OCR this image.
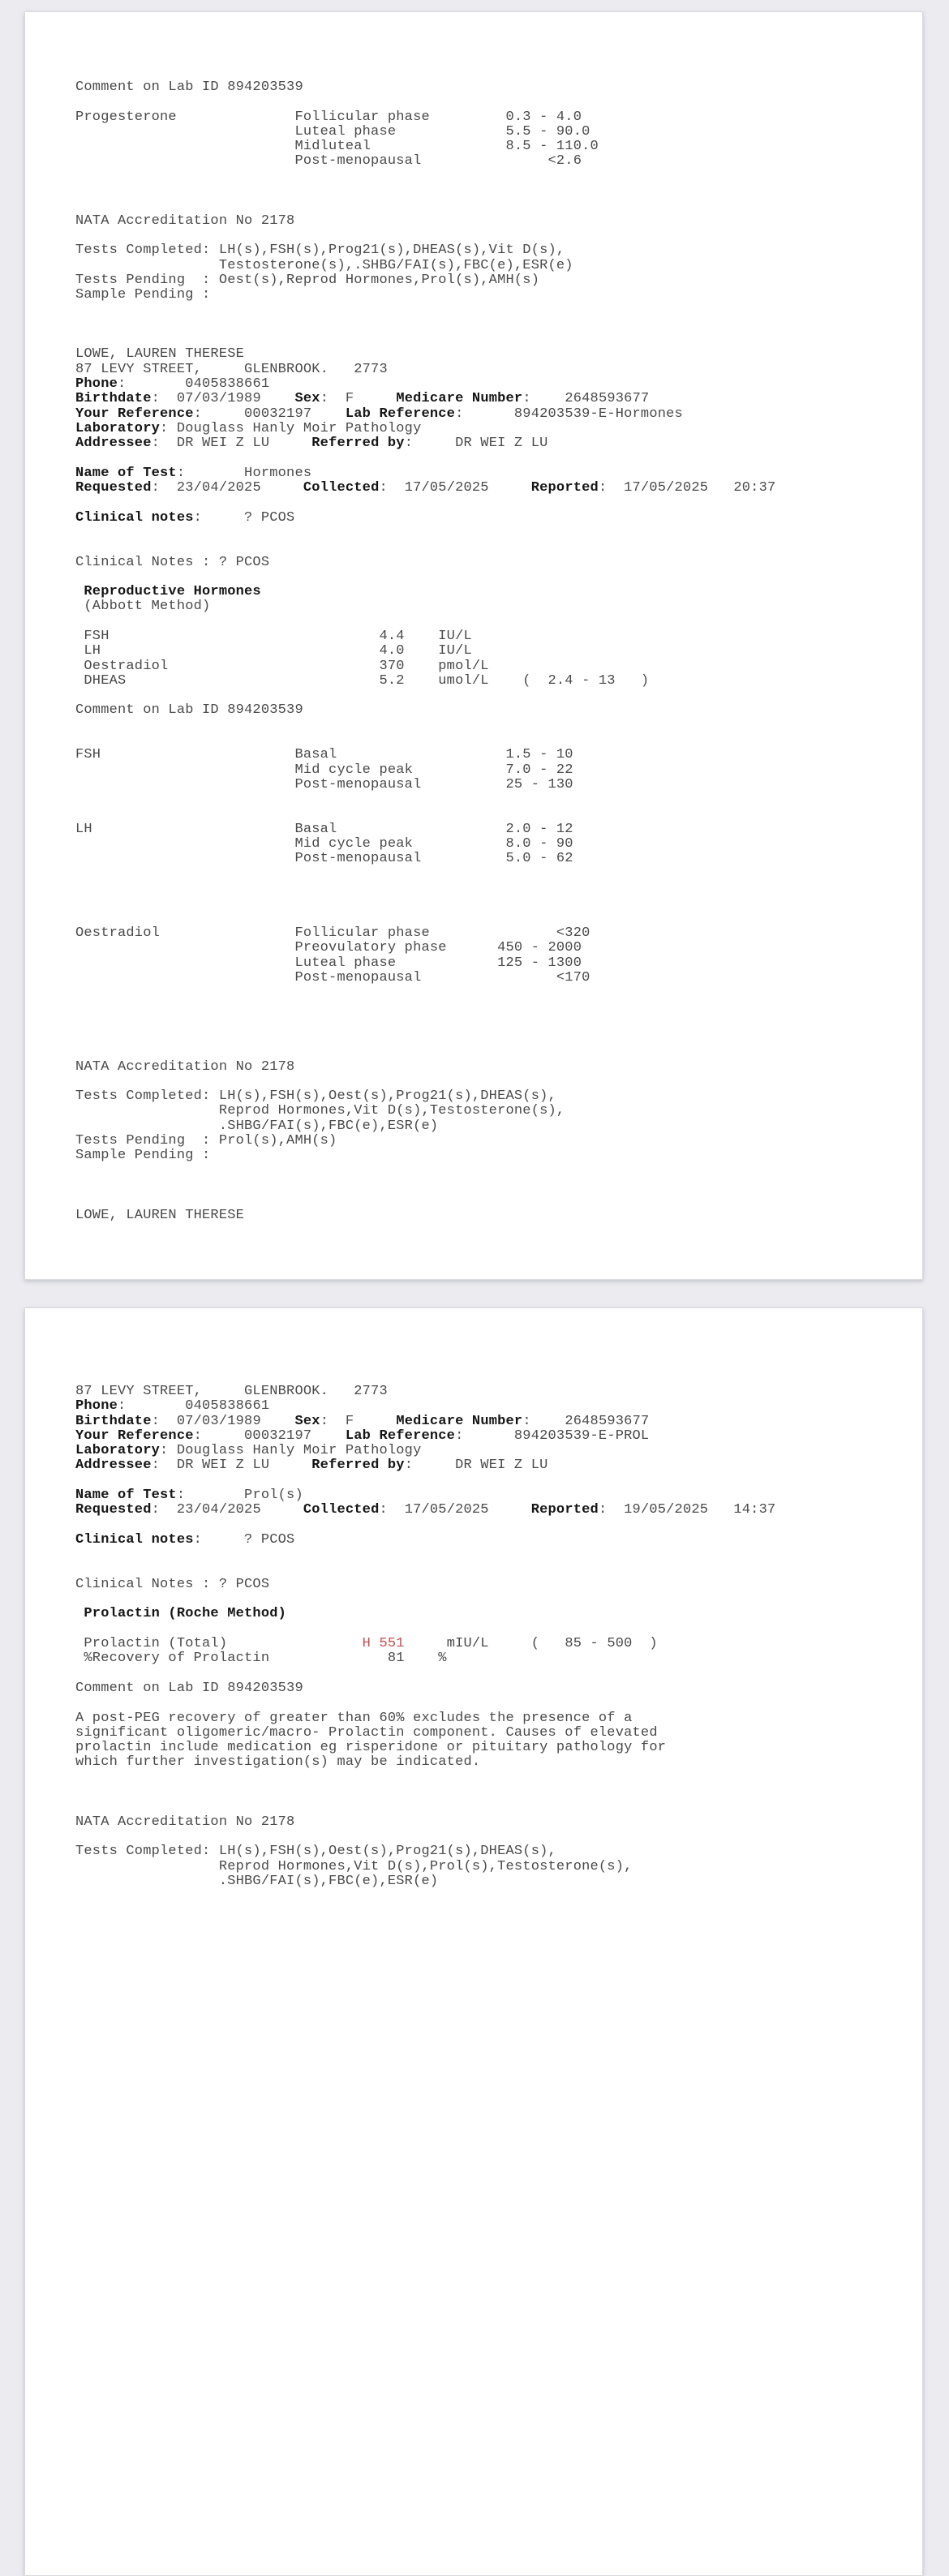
Comment on Lab ID 894203539
Progesterone              Follicular phase         0.3 - 4.0
Luteal phase             5.5 - 90.0
Midluteal                8.5 - 110.0
Post-menopausal               <2.6
NATA Accreditation No 2178
Tests Completed: LH(s),FSH(s),Prog21(s),DHEAS(s),Vit D(s),
Testosterone(s),.SHBG/FAI(s),FBC(e),ESR(e)
Tests Pending  : Oest(s),Reprod Hormones,Prol(s),AMH(s)
Sample Pending :
LOWE, LAUREN THERESE
87 LEVY STREET,     GLENBROOK.   2773
Phone:       0405838661
Birthdate:  07/03/1989    Sex:  F     Medicare Number:    2648593677
Your Reference:     00032197    Lab Reference:      894203539-E-Hormones
Laboratory: Douglass Hanly Moir Pathology
Addressee:  DR WEI Z LU     Referred by:     DR WEI Z LU
Name of Test:       Hormones
Requested:  23/04/2025     Collected:  17/05/2025     Reported:  17/05/2025   20:37
Clinical notes:     ? PCOS
Clinical Notes : ? PCOS
Reproductive Hormones
(Abbott Method)
FSH                                4.4    IU/L
LH                                 4.0    IU/L
Oestradiol                         370    pmol/L
DHEAS                              5.2    umol/L    (  2.4 - 13   )
Comment on Lab ID 894203539
FSH                       Basal                    1.5 - 10
Mid cycle peak           7.0 - 22
Post-menopausal          25 - 130
LH                        Basal                    2.0 - 12
Mid cycle peak           8.0 - 90
Post-menopausal          5.0 - 62
Oestradiol                Follicular phase               <320
Preovulatory phase      450 - 2000
Luteal phase            125 - 1300
Post-menopausal                <170
NATA Accreditation No 2178
Tests Completed: LH(s),FSH(s),Oest(s),Prog21(s),DHEAS(s),
Reprod Hormones,Vit D(s),Testosterone(s),
.SHBG/FAI(s),FBC(e),ESR(e)
Tests Pending  : Prol(s),AMH(s)
Sample Pending :
LOWE, LAUREN THERESE
87 LEVY STREET,     GLENBROOK.   2773
Phone:       0405838661
Birthdate:  07/03/1989    Sex:  F     Medicare Number:    2648593677
Your Reference:     00032197    Lab Reference:      894203539-E-PROL
Laboratory: Douglass Hanly Moir Pathology
Addressee:  DR WEI Z LU     Referred by:     DR WEI Z LU
Name of Test:       Prol(s)
Requested:  23/04/2025     Collected:  17/05/2025     Reported:  19/05/2025   14:37
Clinical notes:     ? PCOS
Clinical Notes : ? PCOS
Prolactin (Roche Method)
Prolactin (Total)                H 551     mIU/L     (   85 - 500  )
%Recovery of Prolactin              81    %
Comment on Lab ID 894203539
A post-PEG recovery of greater than 60% excludes the presence of a
significant oligomeric/macro- Prolactin component. Causes of elevated
prolactin include medication eg risperidone or pituitary pathology for
which further investigation(s) may be indicated.
NATA Accreditation No 2178
Tests Completed: LH(s),FSH(s),Oest(s),Prog21(s),DHEAS(s),
Reprod Hormones,Vit D(s),Prol(s),Testosterone(s),
.SHBG/FAI(s),FBC(e),ESR(e)
